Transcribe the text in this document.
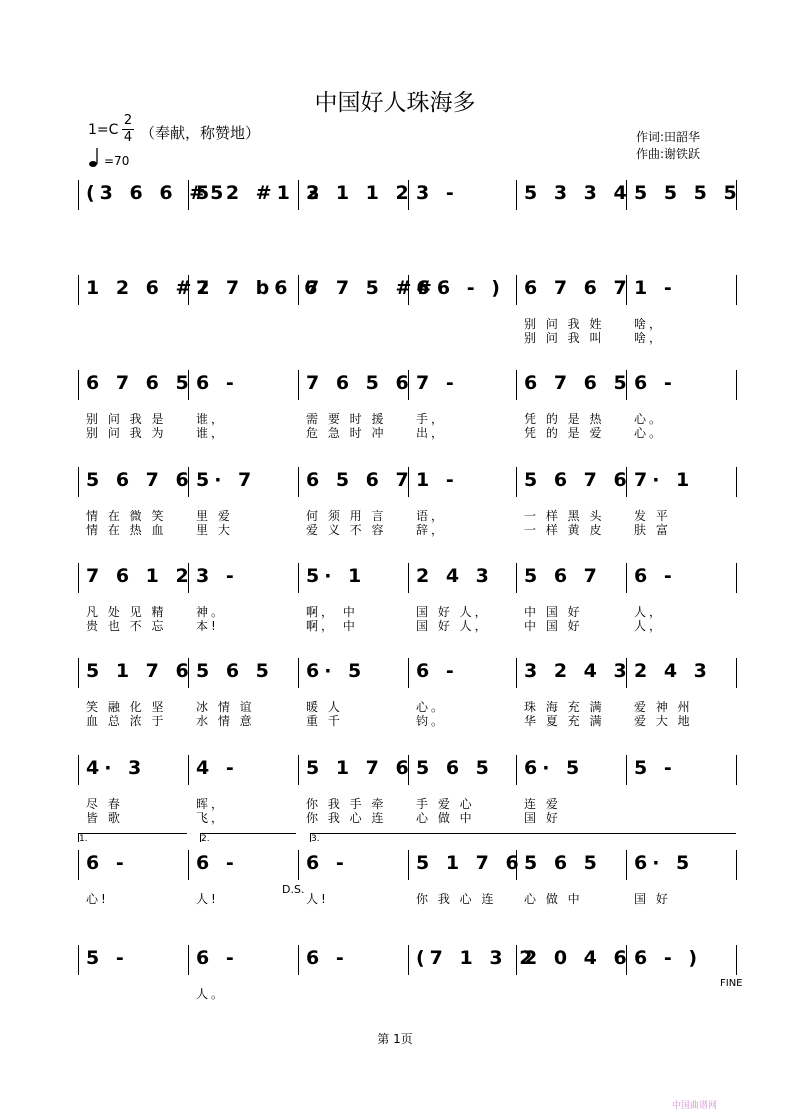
中国好人珠海多
1=C
2
4 （奉献，称赞地）	作词:田韶华
作曲:谢铁跃
=70
(3 6 6 #5
5 2 #1 3
2 1 1 2 3 -	5 3 3 4 5 5 5 5
1 2 6 #2
7 7 b6 6
7 7 5 #6
#6 - ) 6 7 6 7
别 问 我 姓
别 问 我 叫
1 -
啥，
啥，
6 7 6 5
别 问 我 是
别 问 我 为
6 -
谁，
谁，
7 6 5 6
需 要 时 援
危 急 时 冲
7 -
手，
出，
6 7 6 5
凭 的 是 热
凭 的 是 爱
6 -
心。
心。
5 6 7 6
情 在 微 笑
情 在 热 血
5· 7
里 爱
里 大
6 5 6 7
何 须 用 言
爱 义 不 容
1 -
语，
辞，
5 6 7 6
一 样 黑 头
一 样 黄 皮
7· 1
发 平
肤 富
7 6 1 2
凡 处 见 精
贵 也 不 忘
3 -
神。
本!
5· 1
啊， 中
啊， 中
2 4 3
国 好 人，
国 好 人，
5 6 7
中 国 好
中 国 好
6 -
人，
人，
5 1 7 6
笑 融 化 坚
血 总 浓 于
5 6 5
冰 情 谊
水 情 意
6· 5
暖 人
重 千
6 -
心。
钧。
3 2 4 3
珠 海 充 满
华 夏 充 满
2 4 3
爱 神 州
爱 大 地
4· 3
尽 春
皆 歌
4 -
晖，
飞，
5 1 7 6
你 我 手 牵
你 我 心 连
5 6 5
手 爱 心
心 做 中
6· 5
连 爱
国 好
5 -
6 -
心!
6 -
人!
6 -
人!
5 1 7 6
你 我 心 连
5 6 5
心 做 中
6· 5
国 好
5 -	6 -
人。
6 -	(7 1 3 2
2 0 4 6 6 - )
1.	2.	3.
D.S.
FINE
第 1页
中国曲谱网
